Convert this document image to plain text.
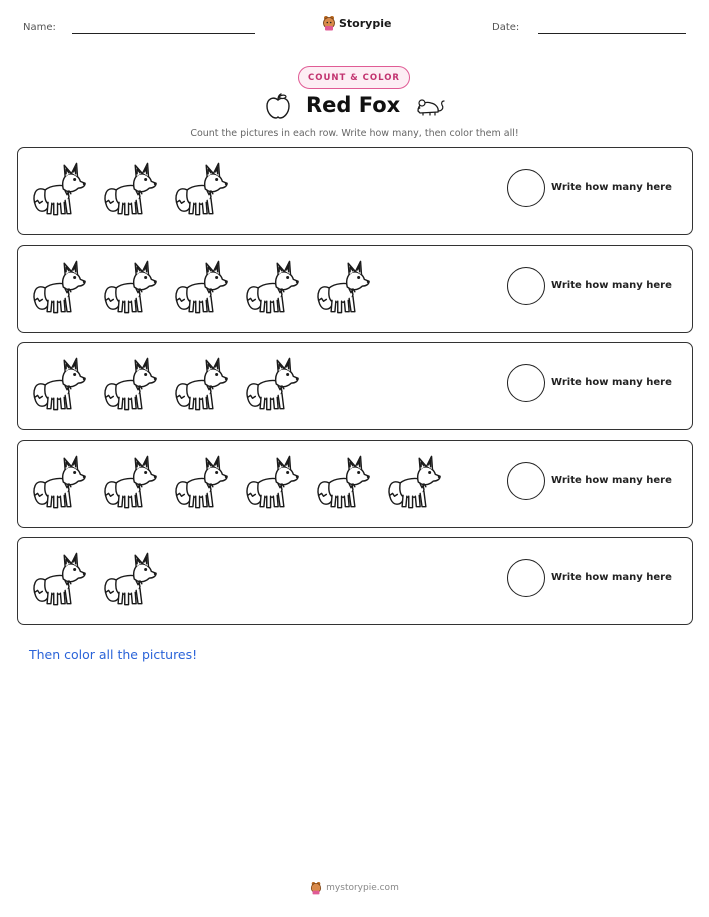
Name:	Storypie	Date:
COUNT & COLOR
Red Fox
Count the pictures in each row. Write how many, then color them all!
Write how many here
Write how many here
Write how many here
Write how many here
Write how many here
Then color all the pictures!
mystorypie.com
